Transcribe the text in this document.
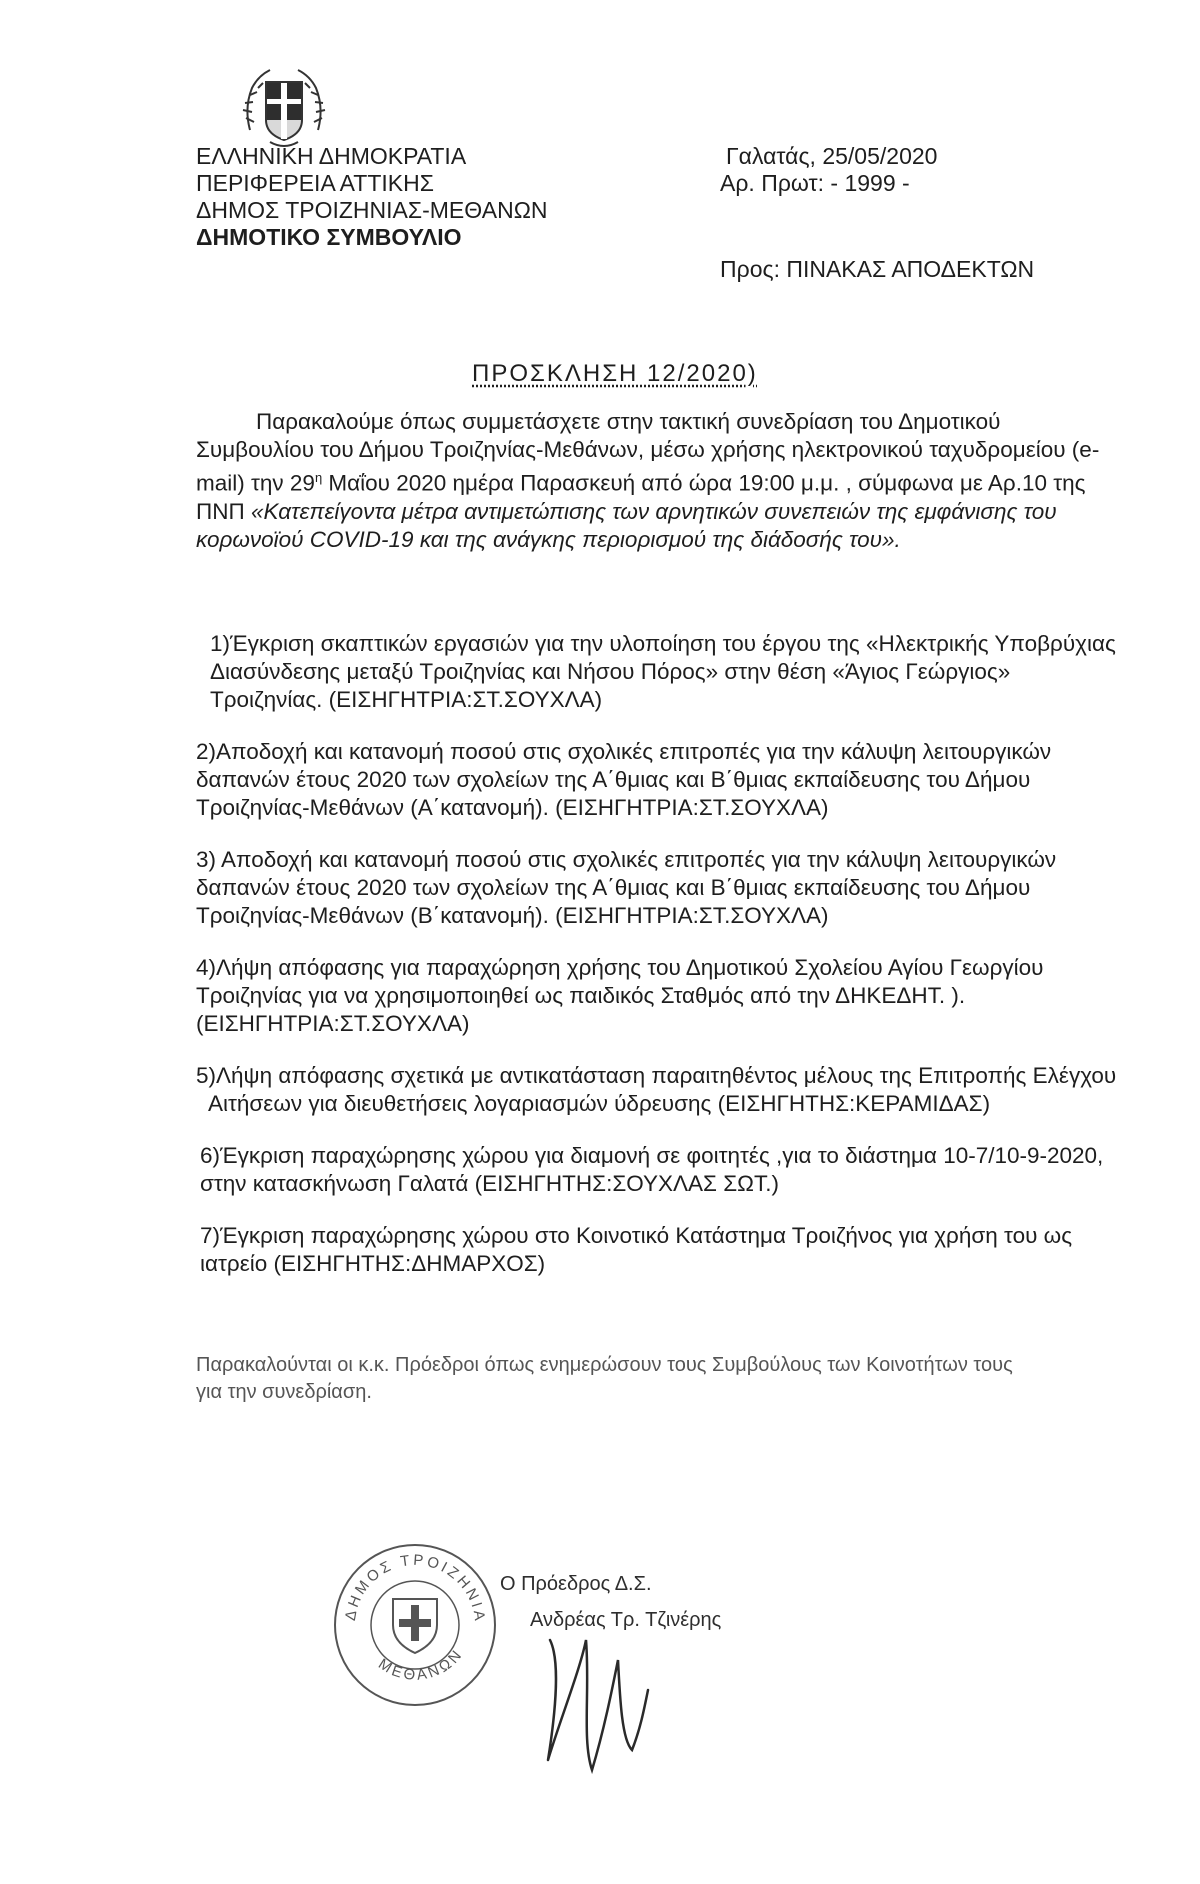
ΕΛΛΗΝΙΚΗ ΔΗΜΟΚΡΑΤΙΑ
ΠΕΡΙΦΕΡΕΙΑ ΑΤΤΙΚΗΣ
ΔΗΜΟΣ ΤΡΟΙΖΗΝΙΑΣ-ΜΕΘΑΝΩΝ
ΔΗΜΟΤΙΚΟ ΣΥΜΒΟΥΛΙΟ
Γαλατάς, 25/05/2020
Αρ. Πρωτ: - 1999 -
Προς: ΠΙΝΑΚΑΣ ΑΠΟΔΕΚΤΩΝ
ΠΡΟΣΚΛΗΣΗ 12/2020)

Παρακαλούμε όπως συμμετάσχετε στην τακτική συνεδρίαση του Δημοτικού

Συμβουλίου του Δήμου Τροιζηνίας-Μεθάνων, μέσω χρήσης ηλεκτρονικού ταχυδρομείου (e-

mail) την $29^\eta$ Μαΐου 2020 ημέρα Παρασκευή από ώρα 19:00 μ.μ. , σύμφωνα με Αρ.10 της

ΠΝΠ «Κατεπείγοντα μέτρα αντιμετώπισης των αρνητικών συνεπειών της εμφάνισης του

κορωνοϊού COVID-19 και της ανάγκης περιορισμού της διάδοσής του».

1)Έγκριση σκαπτικών εργασιών για την υλοποίηση του έργου της «Ηλεκτρικής Υποβρύχιας

Διασύνδεσης μεταξύ Τροιζηνίας και Νήσου Πόρος» στην θέση «Άγιος Γεώργιος»

Τροιζηνίας. (ΕΙΣΗΓΗΤΡΙΑ:ΣΤ.ΣΟΥΧΛΑ)

2)Αποδοχή και κατανομή ποσού στις σχολικές επιτροπές για την κάλυψη λειτουργικών

δαπανών έτους 2020 των σχολείων της Α΄θμιας και Β΄θμιας εκπαίδευσης του Δήμου

Τροιζηνίας-Μεθάνων (Α΄κατανομή). (ΕΙΣΗΓΗΤΡΙΑ:ΣΤ.ΣΟΥΧΛΑ)

3) Αποδοχή και κατανομή ποσού στις σχολικές επιτροπές για την κάλυψη λειτουργικών

δαπανών έτους 2020 των σχολείων της Α΄θμιας και Β΄θμιας εκπαίδευσης του Δήμου

Τροιζηνίας-Μεθάνων (Β΄κατανομή). (ΕΙΣΗΓΗΤΡΙΑ:ΣΤ.ΣΟΥΧΛΑ)

4)Λήψη απόφασης για παραχώρηση χρήσης του Δημοτικού Σχολείου Αγίου Γεωργίου

Τροιζηνίας για να χρησιμοποιηθεί ως παιδικός Σταθμός από την ΔΗΚΕΔΗΤ. ).

(ΕΙΣΗΓΗΤΡΙΑ:ΣΤ.ΣΟΥΧΛΑ)

5)Λήψη απόφασης σχετικά με αντικατάσταση παραιτηθέντος μέλους της Επιτροπής Ελέγχου

Αιτήσεων για διευθετήσεις λογαριασμών ύδρευσης (ΕΙΣΗΓΗΤΗΣ:ΚΕΡΑΜΙΔΑΣ)

6)Έγκριση παραχώρησης χώρου για διαμονή σε φοιτητές ,για το διάστημα 10-7/10-9-2020,

στην κατασκήνωση Γαλατά (ΕΙΣΗΓΗΤΗΣ:ΣΟΥΧΛΑΣ ΣΩΤ.)

7)Έγκριση παραχώρησης χώρου στο Κοινοτικό Κατάστημα Τροιζήνος για χρήση του ως

ιατρείο (ΕΙΣΗΓΗΤΗΣ:ΔΗΜΑΡΧΟΣ)

Παρακαλούνται οι κ.κ. Πρόεδροι όπως ενημερώσουν τους Συμβούλους των Κοινοτήτων τους

για την συνεδρίαση.

ΔΗΜΟΣ ΤΡΟΙΖΗΝΙΑ
ΜΕΘΑΝΩΝ

Ο Πρόεδρος Δ.Σ.

Ανδρέας Τρ. Τζινέρης
